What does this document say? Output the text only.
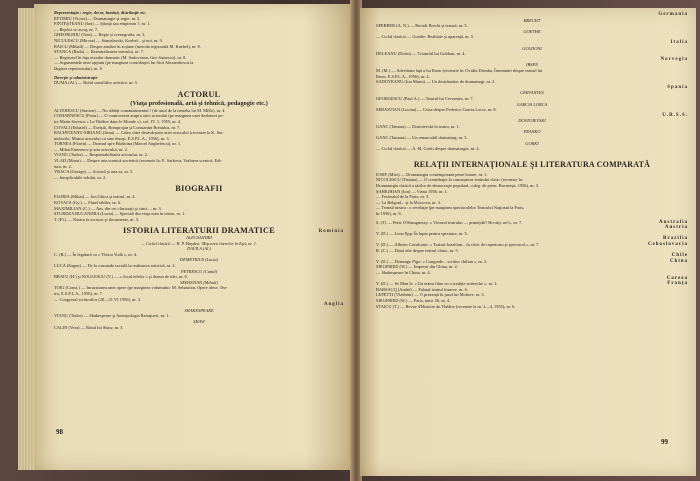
Reprezentaţia : regie, decor, lumină, distribuţie etc.
EFTIMIU (Victor) — Dramaturgie şi regie, nr. 2.
FINTEŞTEANU (Ion) — Ştiinţă sau empirism ?, nr. 1.
— Replici se ascuţ, nr. 7.
GHEORGHIU (Toni) — Regie şi scenografie, nr. 3.
NICULESCU (Mircea) — Stanislavski, Koebel... şi noi, nr. 9.
RAICU (Mihail) — Despre analiza în acţiune (metoda regizorală M. Knebel), nr. 8.
STANCA (Radu) — Reteatralizarea teatrului, nr. 7.
— Regizorul în faţa textului dramatic (M. Sadoveanu, Geo Saizescu), nr. 8.
— Argumentele unei opţiuni (pe marginea contribuţiei lui Sică Alexandrescu la
lărgirea repertoriului), nr. 9.
Direcţie şi administraţie
DUMA (Al.) — Rolul consiliilor artistice, nr. 5.
ACTORUL
(Viaţa profesională, artă şi tehnică, pedagogie etc.)
ALTERESCU (Simion) — Nu slăbiţi comandamentul ! (de unul de la temelia lui M. Millo), nr. 4.
COMARNESCU (Petru) — O controversă asupra artei actorului (pe marginea unei dezbateri pe-
tre Marin Sorescu « La Théâtre dans le Monde »), vol. IV, 1, 1955, nr. 4.
COVALI (Eduard) — Eseiştii, Romprojan şi Constantin Romulus, nr. 7.
RACHITEANU-SIRIANU (Irina) — Calea către desăvârşirea artei actorului (recenzie la K. Sta-
nislavski. Munca actorului cu sine însuşi, E.S.P.L.A., 1956), nr. 3.
TORNEA (Florin) — Dramul spre Bădăcina (Marcel Anghelescu), nr. 1.
— Mihai Eminescu şi arta actorului, nr. 2.
VIANU (Tudor) — Responsabilitatea actorului, nr. 2.
VLAD (Marta) — Despre arta scenică sovietică (recenzie la: E. Sarkova, Vorbirea scenică, Edi-
tura, nr. 2.
VRACA (George) — Actorul şi arta sa, nr. 5.
— Inexplicabile rolului, nr. 2.
BIOGRAFII
FLORIA (Mihai) — Ion Ghica şi teatrul, nr. 4.
KOVACS (Gy.) — Fănel tablier, nr. 6.
MAXIMILIAN (C.) — Am, din cei clasiceşti şi cinci..., nr. 3.
STURDZA BULANDRA (Lucia) — Speciali din viaţa mea în teatru, nr. 1.
T. (Fl.) — Notaru în scrisori şi documente, nr. 3.
ISTORIA LITERATURII DRAMATICE	Romînia
ALECSANDRI
— Ciclul clasicii — B. P. Haşdeu: Mişcarea literelor în Eşti, nr. 1.
DAVILA (Al.)
C. (R.) — În legătură cu « Vlaicu Vodă », nr. 4.
DEMETRIUS (Lucia)
LUCA (Eugen) — De la comanda socială la realizarea artistică, nr. 2.
PETRESCU (Camil)
BRATU (H.) şi NOGLESCU (V.) — « Jocul ielelor » şi drama de idei, nr. 6.
SEBASTIAN (Mihail)
TOIU (Const.) — Incursiunea unei opere (pe marginea volumului: M. Sebastian, Opere alese, Tea-
tru, E.S.P.L.A., 1956), nr. 7.
— Congresul scriitorilor (28—31 VI 1956), nr. 3.
Anglia
SHAKESPEARE
VIANU (Tudor) — Shakespeare şi Antropologia Renaşterii, nr. 1.
SHAW
CALIN (Vera) — Râsul lui Shaw, nr. 3.
98
Germania
BRECHT
SPERBER (A. N.) — Bertolt Brecht şi teatrul, nr. 5.
GOETHE
— Ciclul clasicii — Goethe: Realitate şi aparenţă, nr. 5.
Italia
GOLDONI
DELEANU (Dorin) — Triumful lui Goldoni, nr. 4.
Norvegia
IBSEN
M. (M.) — Adevărata faţă a lui Ibsen (recenzie la: Ovidiu Drimba, Însemnări despre teatrul lui
Ibsen, E.S.P.L.A., 1956), nr. 4.
SADOVEANU (Ion Marin) — Un destrămător de dramaturgi, nr. 2.
Spania
CERVANTES
GEORGESCU (Paul A.) — Teatrul lui Cervantes, nr. 7.
GARCIA LORCA
SEBASTIAN (Lucian) — Criza despre Federico Garcia Lorca, nr. 8.
U.R.S.S.
DOSTOIEVSKI
GANC (Tamara) — Dostoievski în teatru, nr. 1.
FRANKO
GANC (Tamara) — Un remarcabil dramaturg, nr. 3.
GORKI
— Ciclul clasicii — A. M. Gorki despre dramaturgie, nr. 2.
RELAŢII INTERNAŢIONALE ŞI LITERATURA COMPARATĂ
IOSIF (Mira) — Dramaturgia contemporană peste hotare, nr. 1.
NICOLESCU (Tatiana) — O contribuţie la cunoaşterea teatrului clasic (recenzie la:
Dramaturgia clasică a ţărilor de democraţie populară, culeg. de piese, Bucureşti, 1956), nr. 3.
ŞAHIGHIAN (Ion) — Viena 1956, nr. 1.
— Festivalul de la Paris, nr. 3.
— La Belgrad... şi la Moscova, nr. 3.
— Teatrul nostru : o revelaţie (pe marginea spectacolelor Teatrului Naţional la Paris,
în 1956), nr. 6.
S. (T) — Peter O'Shaugnessy: « Viitorul teatrului — primejdii? Ho-aiţi, ne?», nr. 7.	Australia
Austria
V. (D.) — Leon Epp: În lupta pentru spectator, nr. 5.
Brazilia
V. (D.) — Alberto Cavalcanti: « Teatrul brazilian... în critic de repertoriu şi spectacol », nr. 7.	Cehoslovacia
R. (C.) — Două zile despre teatrul clasic, nr. 5.
Chile
V. (D.) — Domingo Pigo: « Congrede... scriitor chilian », nr. 3.	China
SIEGFRIED (W.) — Impresii din China, nr. 2.
— Shakespeare în China, nr. 4.
Coreea
V. (D.) — Se Man Ir: « Un teatru liber cu o tradiţie străveche », nr. 3.	Franţa
BARSACQ (André) — Palatul teatrul francez, nr. 6.
LEPETTI (Vladimir) — O prezenţă în jurul lui Moliere, nr. 3.
SIEGFRIED (W.) — Paris, tunic 56, nr. 4.
STAICU (T.) — Revue d'Histoire du Théâtre (recenzie la nr. 3—4, 1955), nr. 6.
99
